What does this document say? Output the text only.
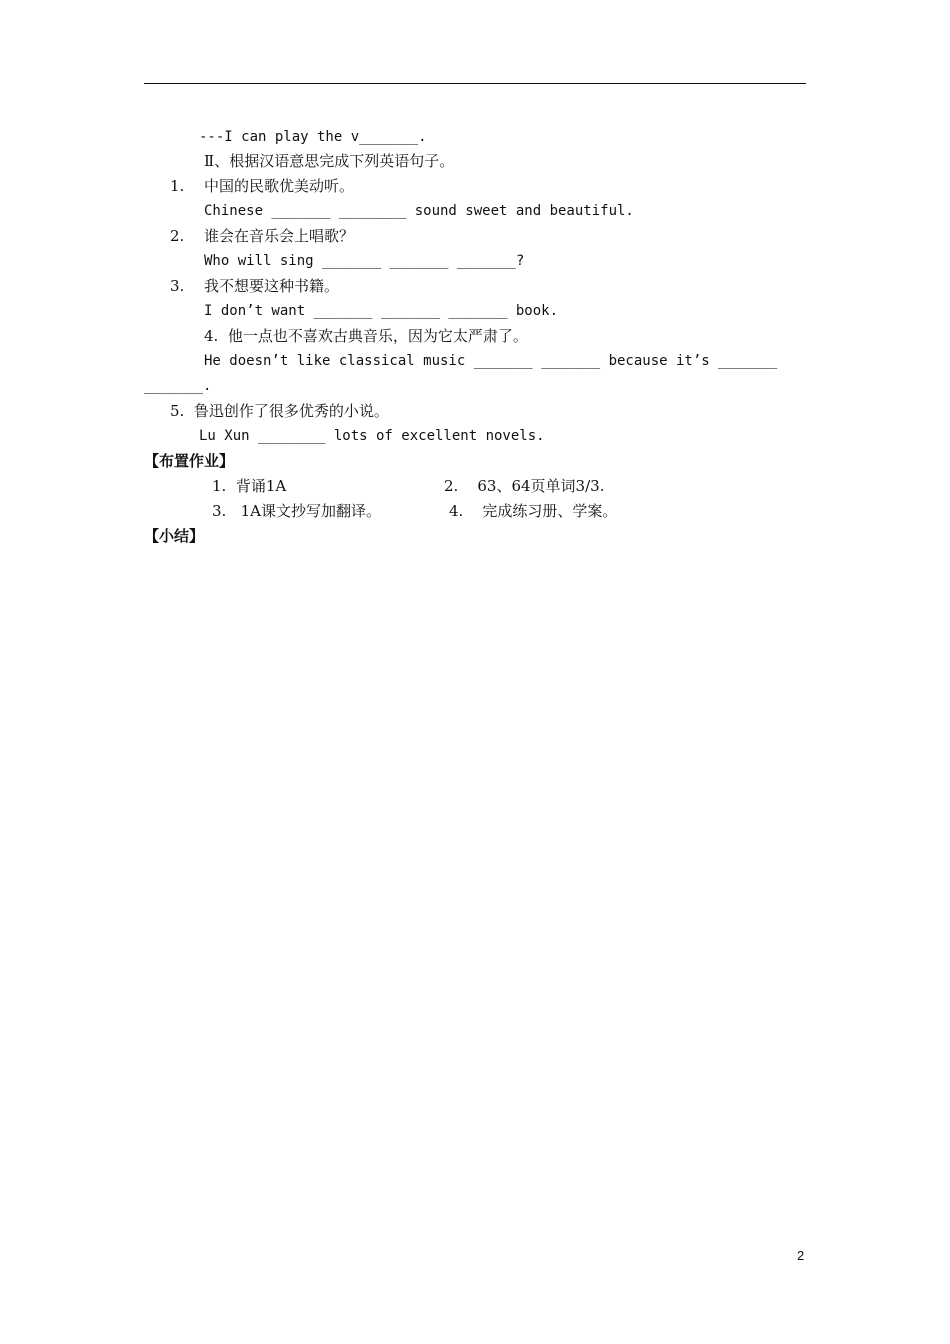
---I can play the v_______.
Ⅱ、根据汉语意思完成下列英语句子。
1. 中国的民歌优美动听。
Chinese _______ ________ sound sweet and beautiful.
2. 谁会在音乐会上唱歌？
Who will sing _______ _______ _______?
3. 我不想要这种书籍。
I don’t want _______ _______ _______ book.
4.  他一点也不喜欢古典音乐，因为它太严肃了。
He doesn’t like classical music _______ _______ because it’s _______
_______.
5.  鲁迅创作了很多优秀的小说。
Lu Xun ________ lots of excellent novels.
【布置作业】
1.  背诵1A	2.    63、64页单词3/3.
3.   1A课文抄写加翻译。	4.    完成练习册、学案。
【小结】
2
